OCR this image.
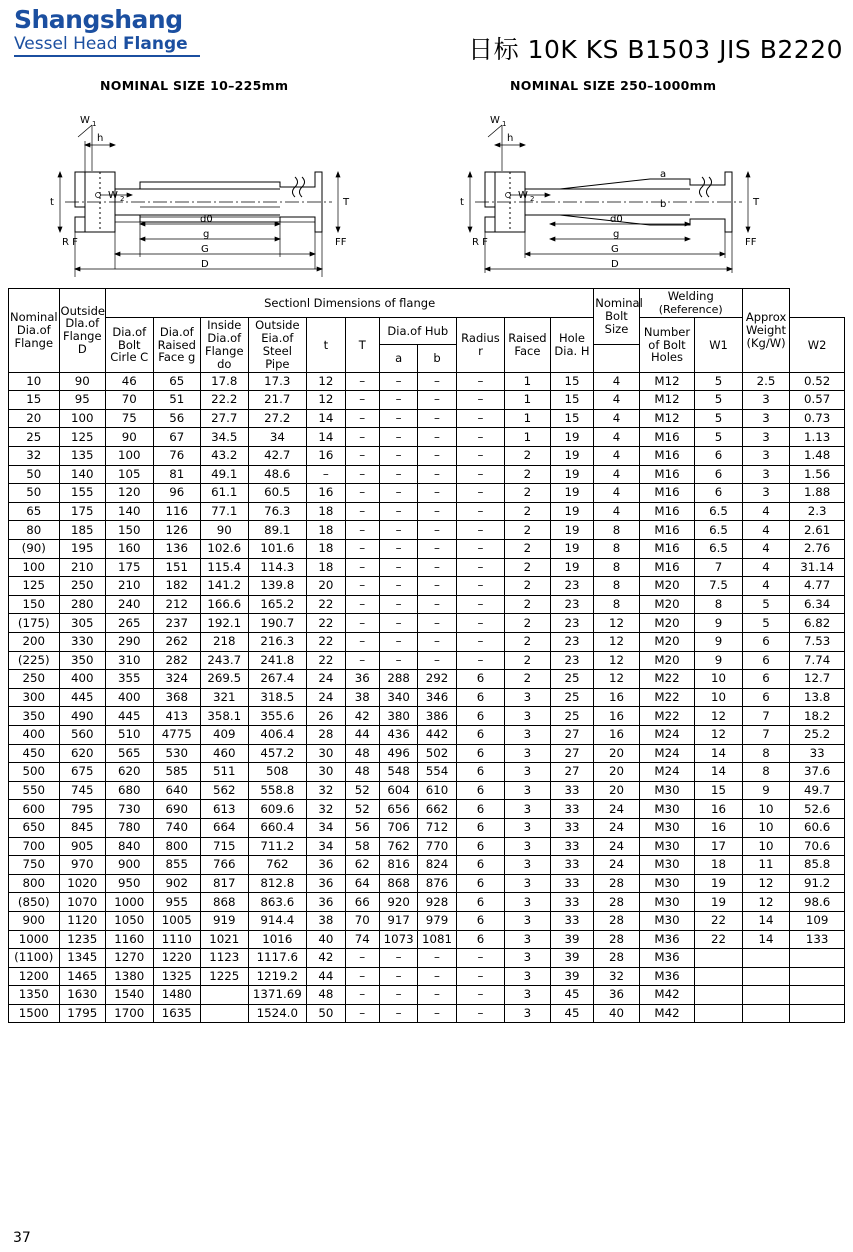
Shangshang
Vessel Head Flange	日标 10K KS B1503 JIS B2220
NOMINAL SIZE 10–225mm
W 1
h
t	T
W 2
R F	FF
d0
g
G
D
NOMINAL SIZE 250–1000mm
W 1
h
t	T
W 2
R F	FF
a
b
d0
g
G
D
Nominal Dia.of Flange	Outside Dla.of Flange D	Sectionl Dimensions of flange											Nominal Bolt Size	Welding
(Reference)		Approx Weight (Kg/W)	
		Dia.of Bolt Cirle C	Dia.of Raised Face g	Inside Dia.of Flange do	Outside Eia.of Steel Pipe	t	T	Dia.of Hub		Radius r	Raised Face	Hole Dia. H		Number of Bolt Holes	W1		W2
								a	b								
10	90	46	65	17.8	17.3	12	–	–	–	–	1	15	4	M12	5	2.5	0.52
15	95	70	51	22.2	21.7	12	–	–	–	–	1	15	4	M12	5	3	0.57
20	100	75	56	27.7	27.2	14	–	–	–	–	1	15	4	M12	5	3	0.73
25	125	90	67	34.5	34	14	–	–	–	–	1	19	4	M16	5	3	1.13
32	135	100	76	43.2	42.7	16	–	–	–	–	2	19	4	M16	6	3	1.48
50	140	105	81	49.1	48.6	–	–	–	–	–	2	19	4	M16	6	3	1.56
50	155	120	96	61.1	60.5	16	–	–	–	–	2	19	4	M16	6	3	1.88
65	175	140	116	77.1	76.3	18	–	–	–	–	2	19	4	M16	6.5	4	2.3
80	185	150	126	90	89.1	18	–	–	–	–	2	19	8	M16	6.5	4	2.61
(90)	195	160	136	102.6	101.6	18	–	–	–	–	2	19	8	M16	6.5	4	2.76
100	210	175	151	115.4	114.3	18	–	–	–	–	2	19	8	M16	7	4	31.14
125	250	210	182	141.2	139.8	20	–	–	–	–	2	23	8	M20	7.5	4	4.77
150	280	240	212	166.6	165.2	22	–	–	–	–	2	23	8	M20	8	5	6.34
(175)	305	265	237	192.1	190.7	22	–	–	–	–	2	23	12	M20	9	5	6.82
200	330	290	262	218	216.3	22	–	–	–	–	2	23	12	M20	9	6	7.53
(225)	350	310	282	243.7	241.8	22	–	–	–	–	2	23	12	M20	9	6	7.74
250	400	355	324	269.5	267.4	24	36	288	292	6	2	25	12	M22	10	6	12.7
300	445	400	368	321	318.5	24	38	340	346	6	3	25	16	M22	10	6	13.8
350	490	445	413	358.1	355.6	26	42	380	386	6	3	25	16	M22	12	7	18.2
400	560	510	4775	409	406.4	28	44	436	442	6	3	27	16	M24	12	7	25.2
450	620	565	530	460	457.2	30	48	496	502	6	3	27	20	M24	14	8	33
500	675	620	585	511	508	30	48	548	554	6	3	27	20	M24	14	8	37.6
550	745	680	640	562	558.8	32	52	604	610	6	3	33	20	M30	15	9	49.7
600	795	730	690	613	609.6	32	52	656	662	6	3	33	24	M30	16	10	52.6
650	845	780	740	664	660.4	34	56	706	712	6	3	33	24	M30	16	10	60.6
700	905	840	800	715	711.2	34	58	762	770	6	3	33	24	M30	17	10	70.6
750	970	900	855	766	762	36	62	816	824	6	3	33	24	M30	18	11	85.8
800	1020	950	902	817	812.8	36	64	868	876	6	3	33	28	M30	19	12	91.2
(850)	1070	1000	955	868	863.6	36	66	920	928	6	3	33	28	M30	19	12	98.6
900	1120	1050	1005	919	914.4	38	70	917	979	6	3	33	28	M30	22	14	109
1000	1235	1160	1110	1021	1016	40	74	1073	1081	6	3	39	28	M36	22	14	133
(1100)	1345	1270	1220	1123	1117.6	42	–	–	–	–	3	39	28	M36			
1200	1465	1380	1325	1225	1219.2	44	–	–	–	–	3	39	32	M36			
1350	1630	1540	1480		1371.69	48	–	–	–	–	3	45	36	M42			
1500	1795	1700	1635		1524.0	50	–	–	–	–	3	45	40	M42			
37
